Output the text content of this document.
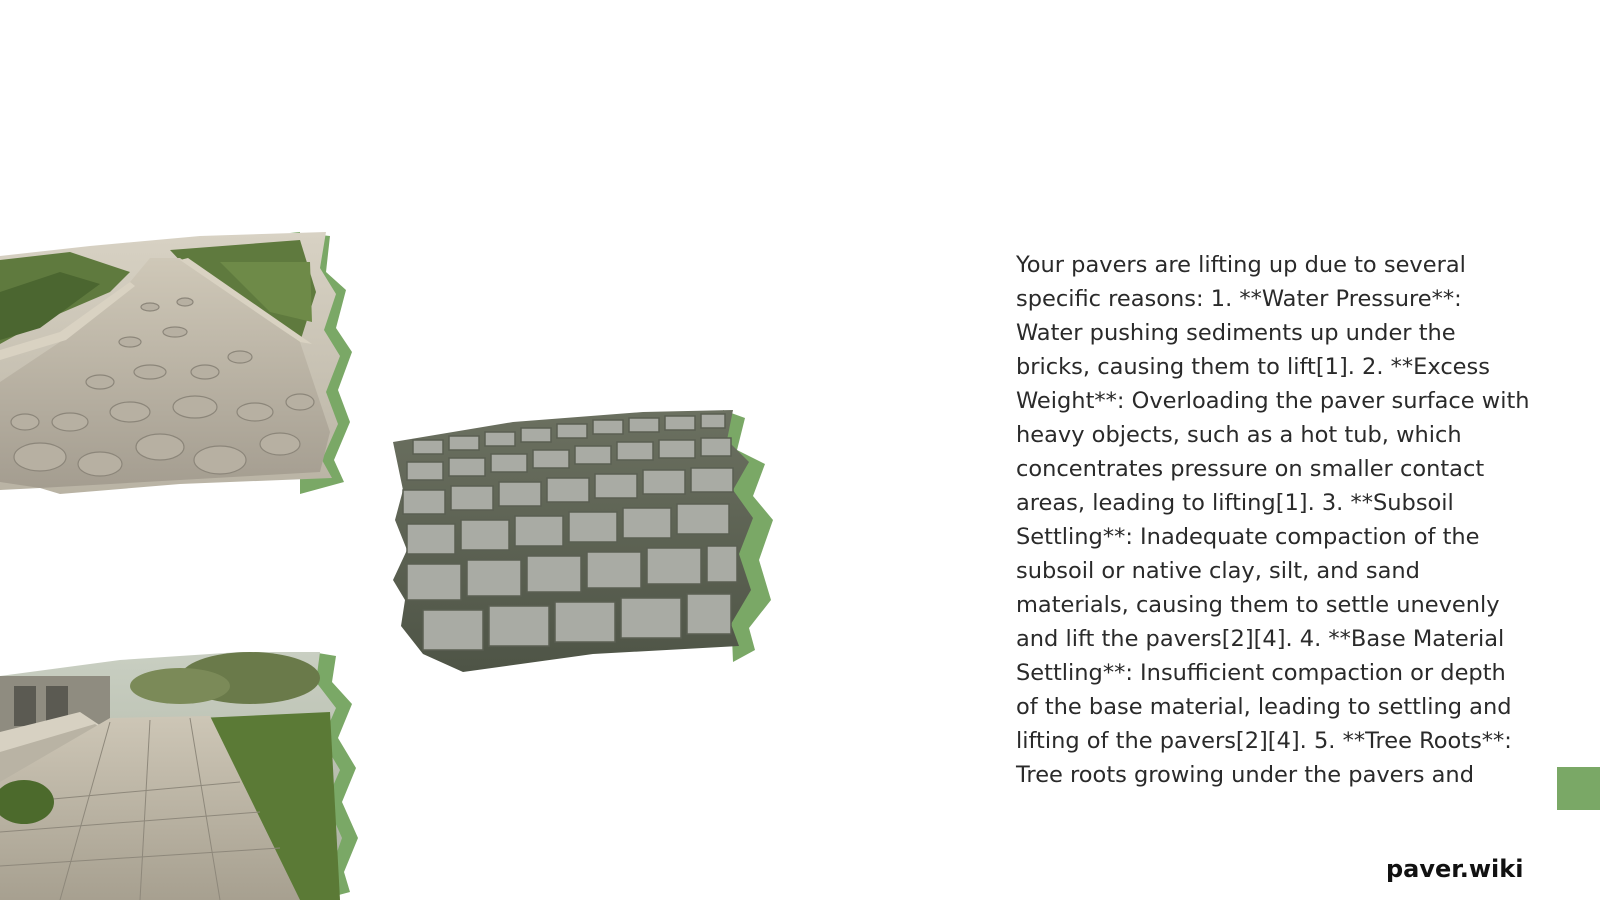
Your pavers are lifting up due to several specific reasons: 1. **Water Pressure**: Water pushing sediments up under the bricks, causing them to lift[1]. 2. **Excess Weight**: Overloading the paver surface with heavy objects, such as a hot tub, which concentrates pressure on smaller contact areas, leading to lifting[1]. 3. **Subsoil Settling**: Inadequate compaction of the subsoil or native clay, silt, and sand materials, causing them to settle unevenly and lift the pavers[2][4]. 4. **Base Material Settling**: Insufficient compaction or depth of the base material, leading to settling and lifting of the pavers[2][4]. 5. **Tree Roots**: Tree roots growing under the pavers and

paver.wiki
